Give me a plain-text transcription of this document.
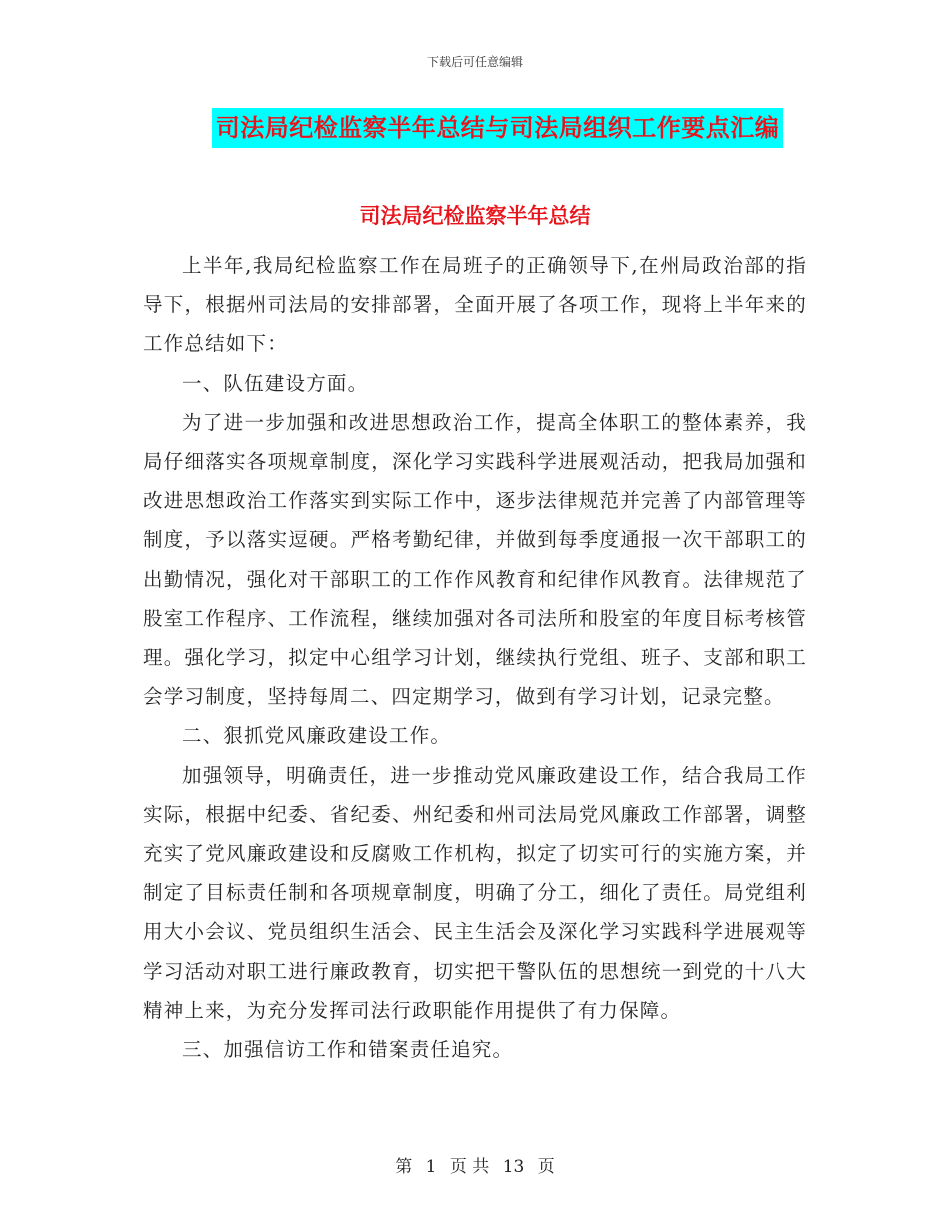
下载后可任意编辑
司法局纪检监察半年总结与司法局组织工作要点汇编
司法局纪检监察半年总结

上半年,我局纪检监察工作在局班子的正确领导下,在州局政治部的指导下，根据州司法局的安排部署，全面开展了各项工作，现将上半年来的工作总结如下：

一、队伍建设方面。

为了进一步加强和改进思想政治工作，提高全体职工的整体素养，我局仔细落实各项规章制度，深化学习实践科学进展观活动，把我局加强和改进思想政治工作落实到实际工作中，逐步法律规范并完善了内部管理等制度，予以落实逗硬。严格考勤纪律，并做到每季度通报一次干部职工的出勤情况，强化对干部职工的工作作风教育和纪律作风教育。法律规范了股室工作程序、工作流程，继续加强对各司法所和股室的年度目标考核管理。强化学习，拟定中心组学习计划，继续执行党组、班子、支部和职工会学习制度，坚持每周二、四定期学习，做到有学习计划，记录完整。

二、狠抓党风廉政建设工作。

加强领导，明确责任，进一步推动党风廉政建设工作，结合我局工作实际，根据中纪委、省纪委、州纪委和州司法局党风廉政工作部署，调整充实了党风廉政建设和反腐败工作机构，拟定了切实可行的实施方案，并制定了目标责任制和各项规章制度，明确了分工，细化了责任。局党组利用大小会议、党员组织生活会、民主生活会及深化学习实践科学进展观等学习活动对职工进行廉政教育，切实把干警队伍的思想统一到党的十八大精神上来，为充分发挥司法行政职能作用提供了有力保障。

三、加强信访工作和错案责任追究。

第 1 页 共 13 页
